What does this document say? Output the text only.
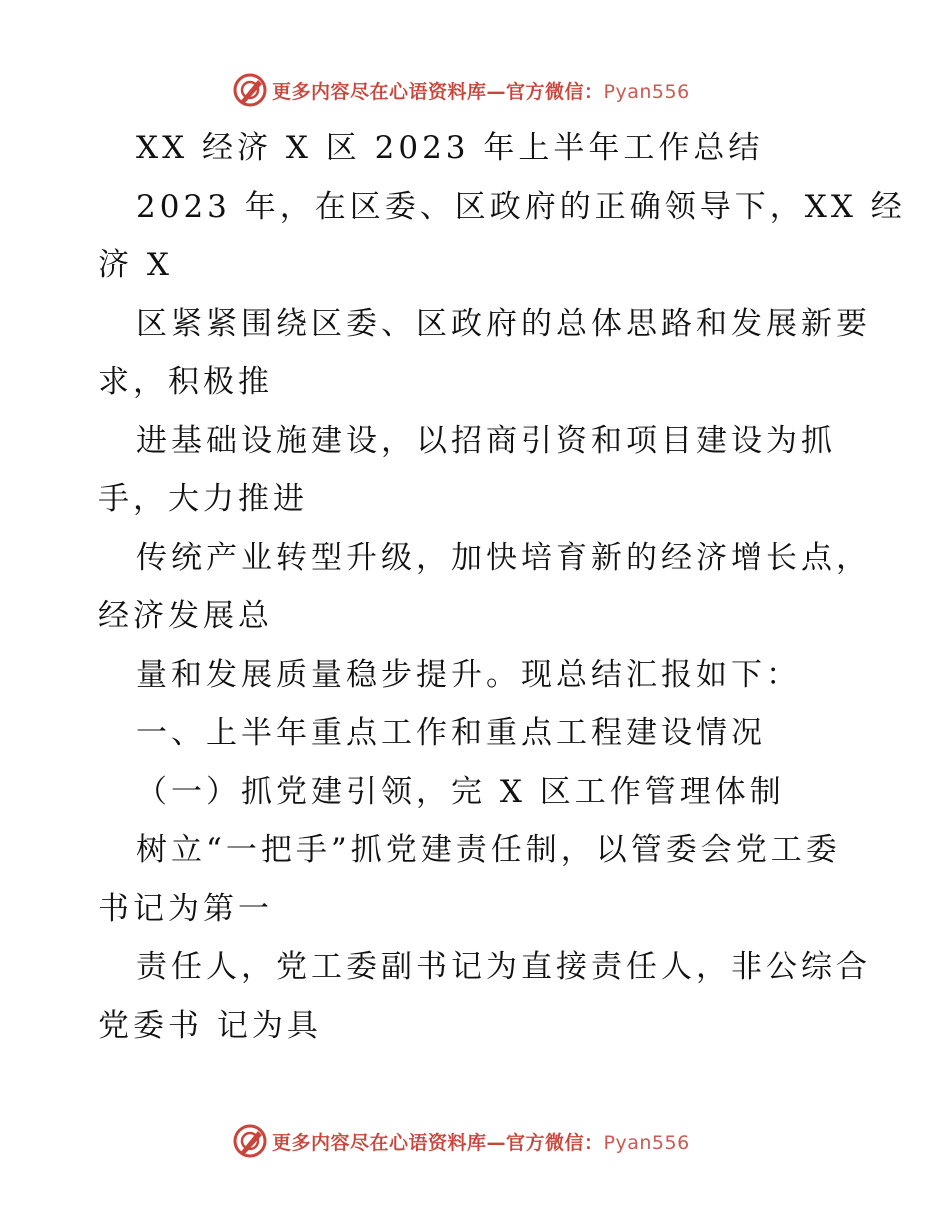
更多内容尽在心语资料库—官方微信：Pyan556
XX 经济 X 区 2023 年上半年工作总结
2023 年，在区委、区政府的正确领导下，XX 经
济 X
区紧紧围绕区委、区政府的总体思路和发展新要
求，积极推
进基础设施建设，以招商引资和项目建设为抓
手，大力推进
传统产业转型升级，加快培育新的经济增长点，
经济发展总
量和发展质量稳步提升。现总结汇报如下：
一、上半年重点工作和重点工程建设情况
（一）抓党建引领，完 X 区工作管理体制
树立“一把手”抓党建责任制，以管委会党工委
书记为第一
责任人，党工委副书记为直接责任人，非公综合
党委书 记为具
更多内容尽在心语资料库—官方微信：Pyan556
